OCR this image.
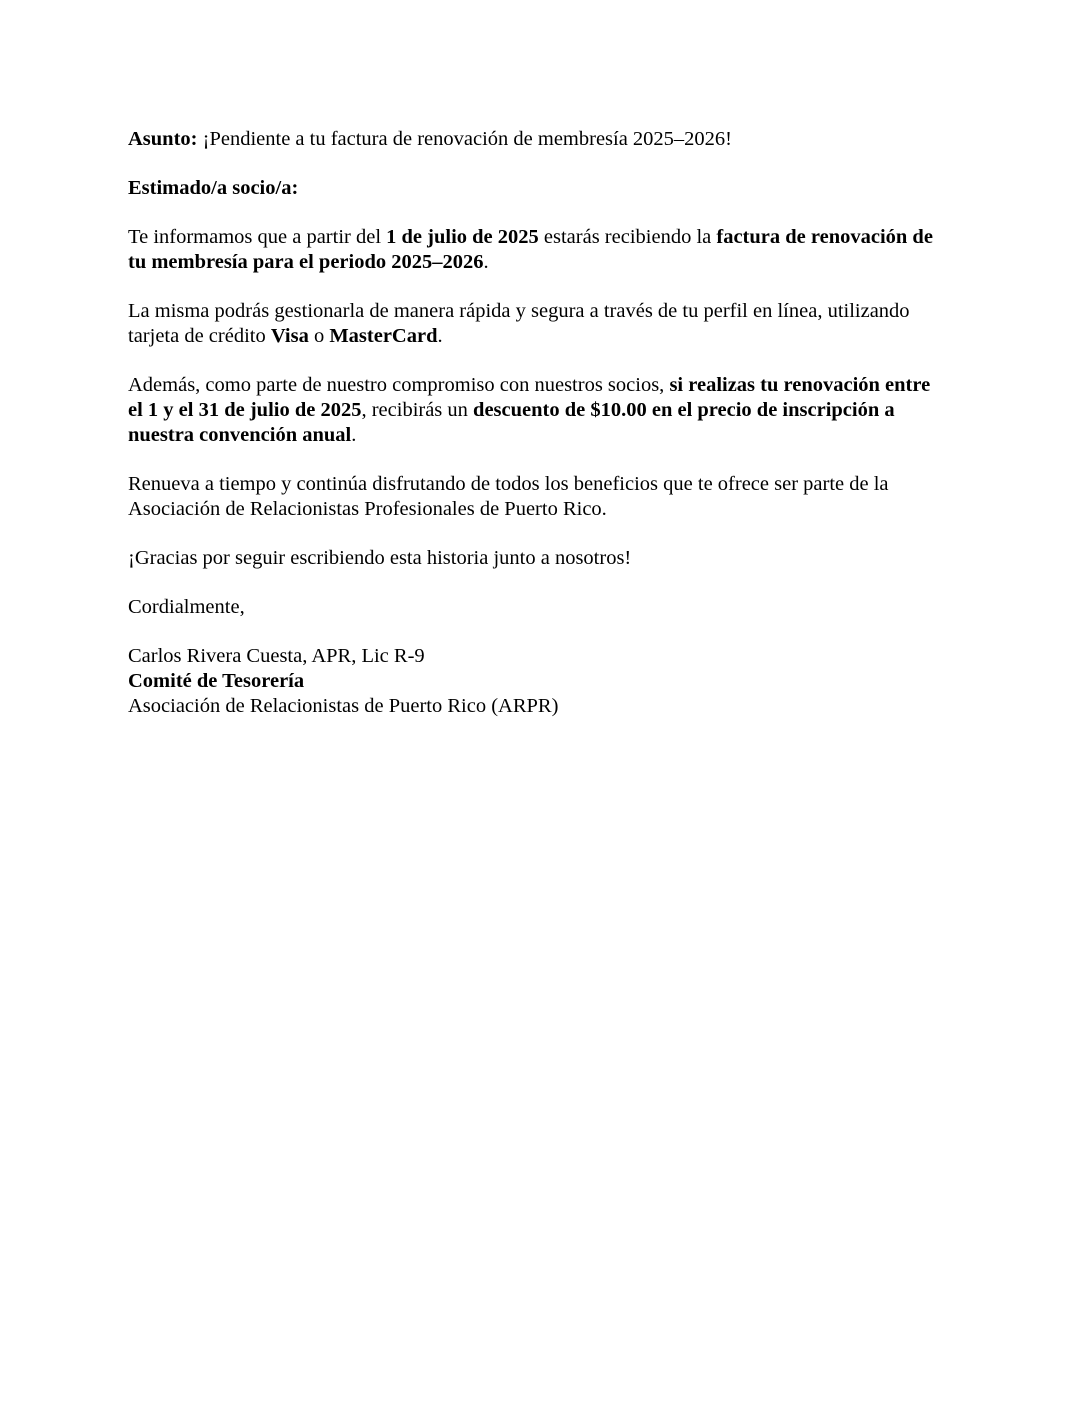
Asunto: ¡Pendiente a tu factura de renovación de membresía 2025–2026!

Estimado/a socio/a:

Te informamos que a partir del 1 de julio de 2025 estarás recibiendo la factura de renovación de tu membresía para el periodo 2025–2026.

La misma podrás gestionarla de manera rápida y segura a través de tu perfil en línea, utilizando tarjeta de crédito Visa o MasterCard.

Además, como parte de nuestro compromiso con nuestros socios, si realizas tu renovación entre el 1 y el 31 de julio de 2025, recibirás un descuento de $10.00 en el precio de inscripción a nuestra convención anual.

Renueva a tiempo y continúa disfrutando de todos los beneficios que te ofrece ser parte de la Asociación de Relacionistas Profesionales de Puerto Rico.

¡Gracias por seguir escribiendo esta historia junto a nosotros!

Cordialmente,

Carlos Rivera Cuesta, APR, Lic R-9
Comité de Tesorería
Asociación de Relacionistas de Puerto Rico (ARPR)
